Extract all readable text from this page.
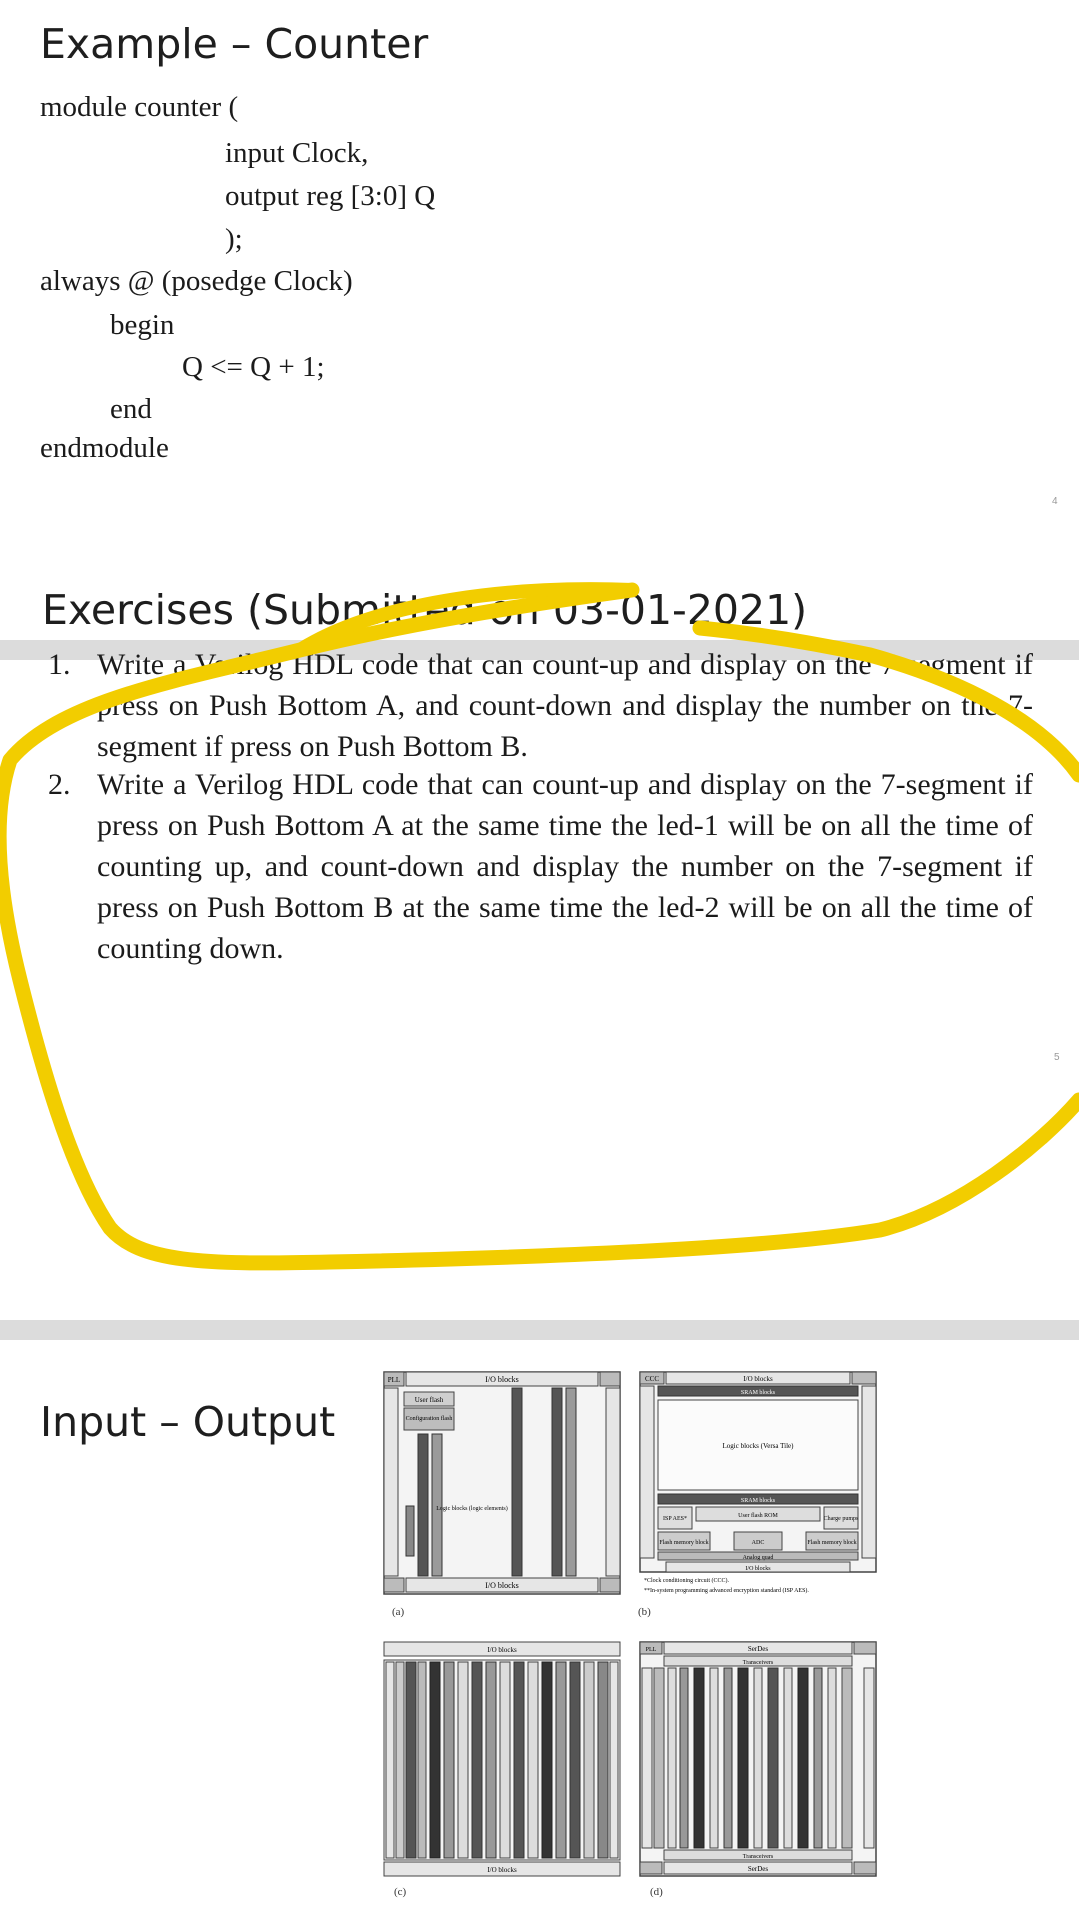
Example – Counter
module counter (
input Clock,
output reg [3:0] Q
);
always @ (posedge Clock)
begin
Q <= Q + 1;
end
endmodule
4
Exercises (Submitted on 03-01-2021)
1. Write a Verilog HDL code that can count-up and display on the 7-segment if press on Push Bottom A, and count-down and display the number on the 7-segment if press on Push Bottom B.
2. Write a Verilog HDL code that can count-up and display on the 7-segment if press on Push Bottom A at the same time the led-1 will be on all the time of counting up, and count-down and display the number on the 7-segment if press on Push Bottom B at the same time the led-2 will be on all the time of counting down.
5
Input – Output
I/O blocks
I/O blocks
PLL
User flash
Configuration flash
Logic blocks (logic elements)
(a)
I/O blocks
CCC
SRAM blocks
Logic blocks (Versa Tile)
SRAM blocks
ISP AES*	User flash ROM	Charge pumps
Flash memory block	ADC	Flash memory block
Analog quad
I/O blocks
*Clock conditioning circuit (CCC).
**In-system programming advanced encryption standard (ISP AES).
(b)
I/O blocks
I/O blocks
SerDes
PLL
Transceivers
Transceivers
SerDes
(c)	(d)
